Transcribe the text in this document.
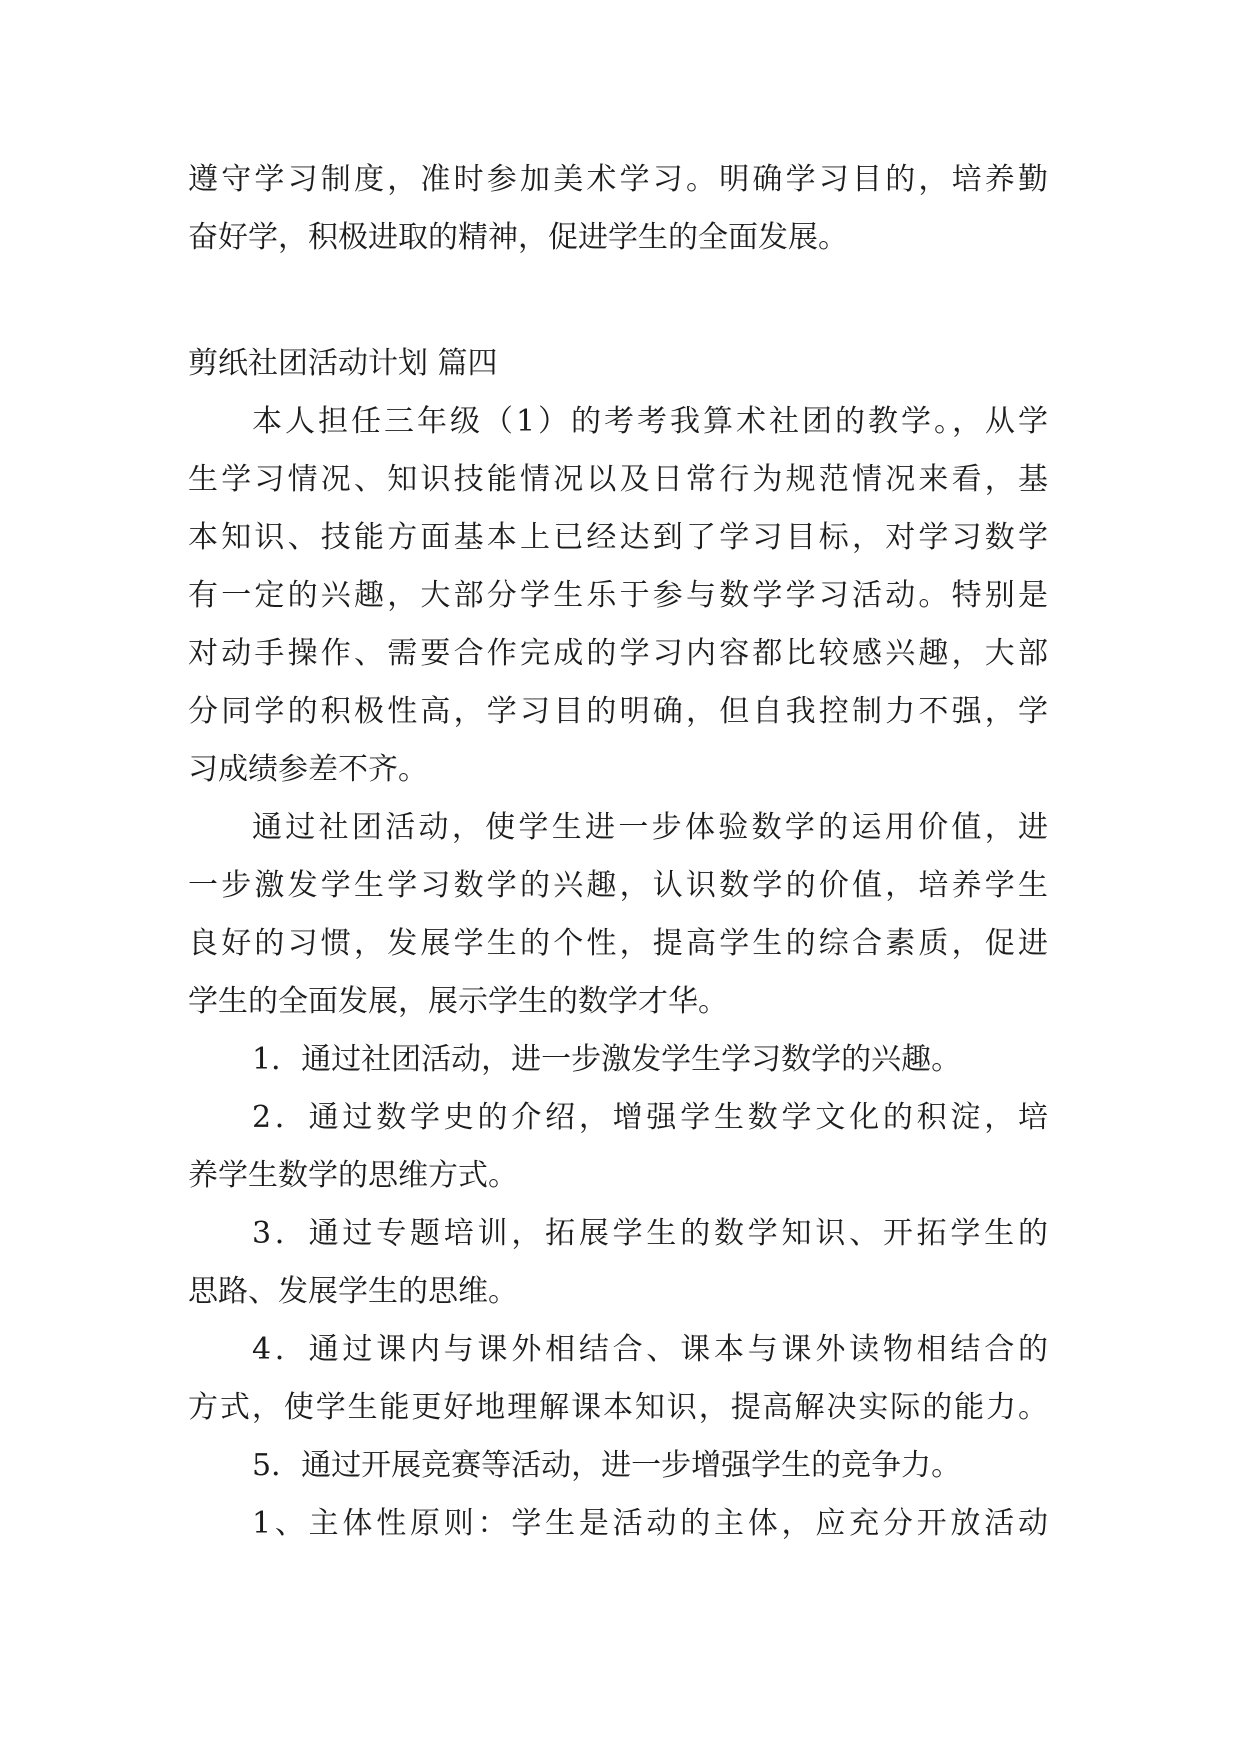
遵守学习制度，准时参加美术学习。明确学习目的，培养勤
奋好学，积极进取的精神，促进学生的全面发展。
剪纸社团活动计划 篇四
本人担任三年级（1）的考考我算术社团的教学。，从学
生学习情况、知识技能情况以及日常行为规范情况来看，基
本知识、技能方面基本上已经达到了学习目标，对学习数学
有一定的兴趣，大部分学生乐于参与数学学习活动。特别是
对动手操作、需要合作完成的学习内容都比较感兴趣，大部
分同学的积极性高，学习目的明确，但自我控制力不强，学
习成绩参差不齐。
通过社团活动，使学生进一步体验数学的运用价值，进
一步激发学生学习数学的兴趣，认识数学的价值，培养学生
良好的习惯，发展学生的个性，提高学生的综合素质，促进
学生的全面发展，展示学生的数学才华。
1．通过社团活动，进一步激发学生学习数学的兴趣。
2．通过数学史的介绍，增强学生数学文化的积淀，培
养学生数学的思维方式。
3．通过专题培训，拓展学生的数学知识、开拓学生的
思路、发展学生的思维。
4．通过课内与课外相结合、课本与课外读物相结合的
方式，使学生能更好地理解课本知识，提高解决实际的能力。
5．通过开展竞赛等活动，进一步增强学生的竞争力。
1、主体性原则：学生是活动的主体，应充分开放活动
